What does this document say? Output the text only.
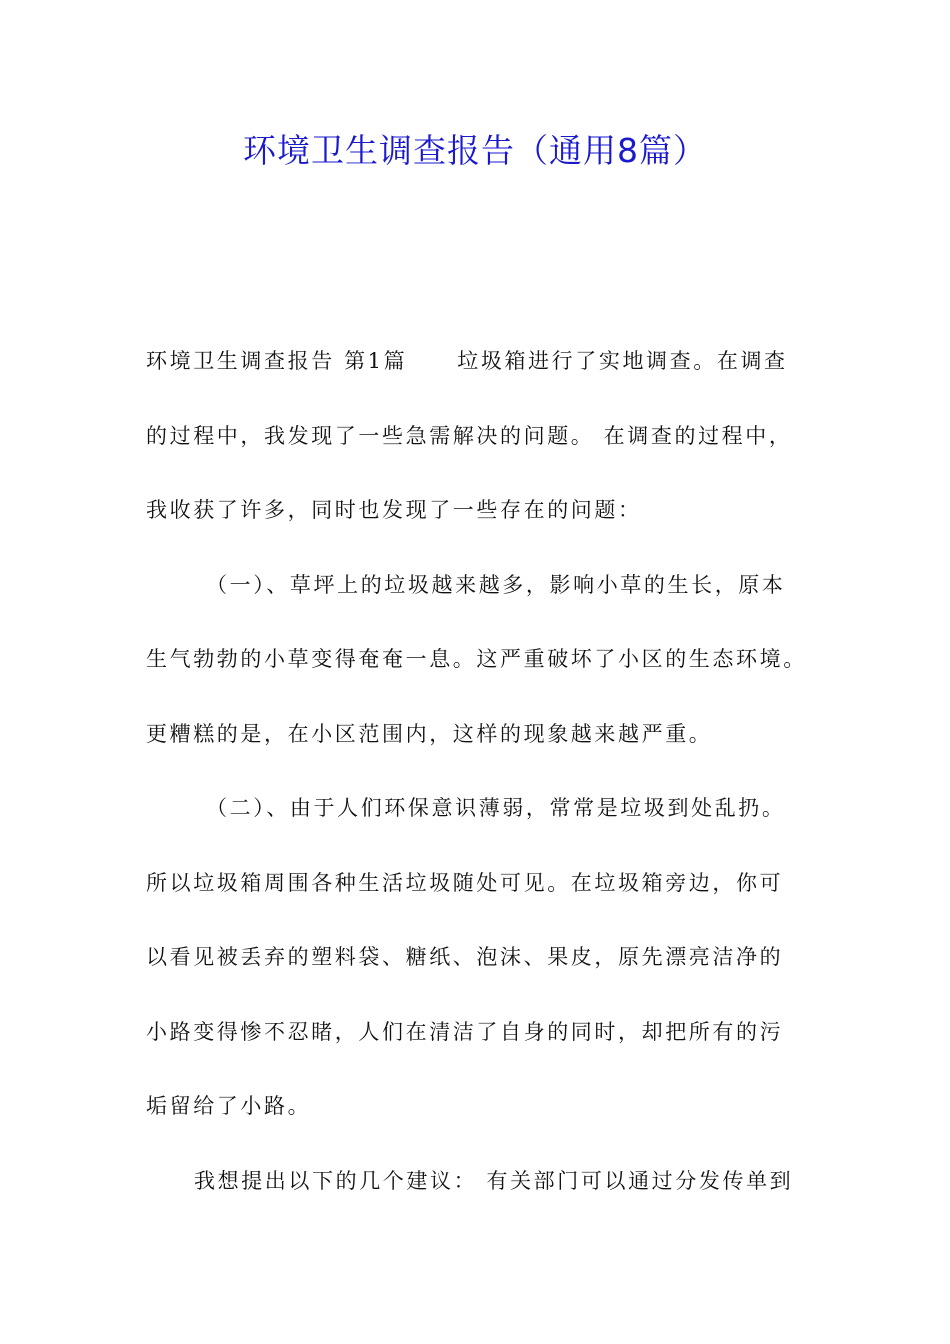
环境卫生调查报告（通用8篇）
环境卫生调查报告 第1篇 垃圾箱进行了实地调查。在调查
的过程中，我发现了一些急需解决的问题。 在调查的过程中，
我收获了许多，同时也发现了一些存在的问题：
（一）、草坪上的垃圾越来越多，影响小草的生长，原本
生气勃勃的小草变得奄奄一息。这严重破坏了小区的生态环境。
更糟糕的是，在小区范围内，这样的现象越来越严重。
（二）、由于人们环保意识薄弱，常常是垃圾到处乱扔。
所以垃圾箱周围各种生活垃圾随处可见。在垃圾箱旁边，你可
以看见被丢弃的塑料袋、糖纸、泡沫、果皮，原先漂亮洁净的
小路变得惨不忍睹，人们在清洁了自身的同时，却把所有的污
垢留给了小路。
我想提出以下的几个建议： 有关部门可以通过分发传单到
